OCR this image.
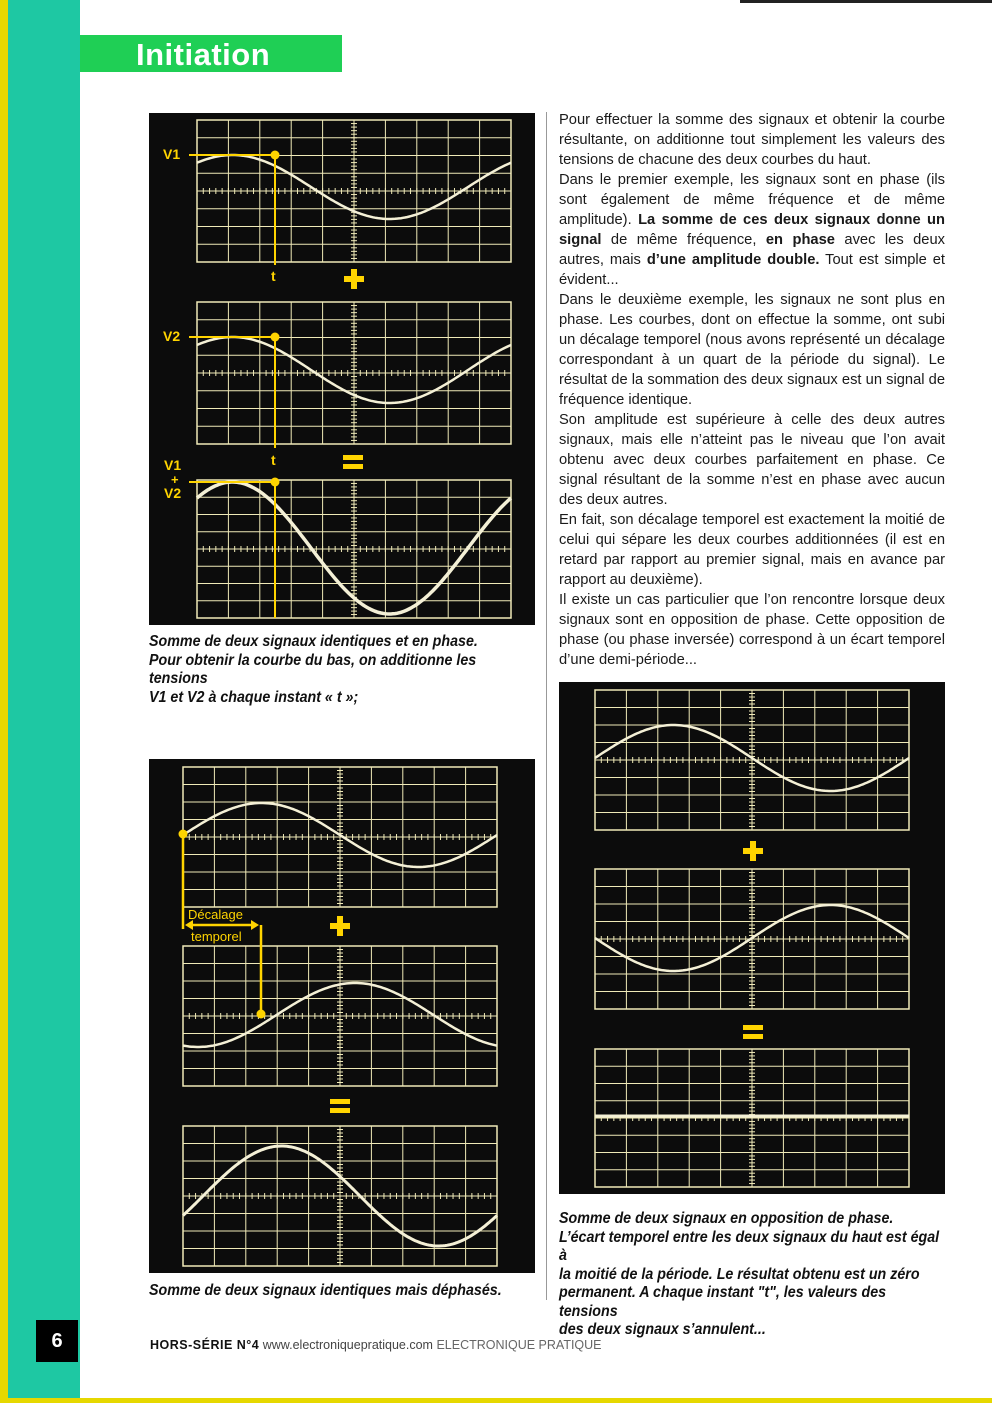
Initiation
V1
V2
V1
+
V2
t
t
Somme de deux signaux identiques et en phase.
Pour obtenir la courbe du bas, on additionne les tensions
V1 et V2 à chaque instant « t »;
Décalage
temporel
Somme de deux signaux identiques mais déphasés.
Somme de deux signaux en opposition de phase.
L’écart temporel entre les deux signaux du haut est égal à
la moitié de la période. Le résultat obtenu est un zéro
permanent. A chaque instant "t", les valeurs des tensions
des deux signaux s’annulent...

Pour effectuer la somme des signaux et obtenir la courbe résultante, on additionne tout simplement les valeurs des tensions de chacune des deux courbes du haut.

Dans le premier exemple, les signaux sont en phase (ils sont également de même fréquence et de même amplitude). La somme de ces deux signaux donne un signal de même fréquence, en phase avec les deux autres, mais d’une amplitude double. Tout est simple et évident...

Dans le deuxième exemple, les signaux ne sont plus en phase. Les courbes, dont on effectue la somme, ont subi un décalage temporel (nous avons représenté un décalage correspondant à un quart de la période du signal). Le résultat de la sommation des deux signaux est un signal de fréquence identique.

Son amplitude est supérieure à celle des deux autres signaux, mais elle n’atteint pas le niveau que l’on avait obtenu avec deux courbes parfaitement en phase. Ce signal résultant de la somme n’est en phase avec aucun des deux autres.

En fait, son décalage temporel est exactement la moitié de celui qui sépare les deux courbes additionnées (il est en retard par rapport au premier signal, mais en avance par rapport au deuxième).

Il existe un cas particulier que l’on rencontre lorsque deux signaux sont en opposition de phase. Cette opposition de phase (ou phase inversée) correspond à un écart temporel d’une demi-période...

6	HORS-SÉRIE N°4 www.electroniquepratique.com ELECTRONIQUE PRATIQUE
